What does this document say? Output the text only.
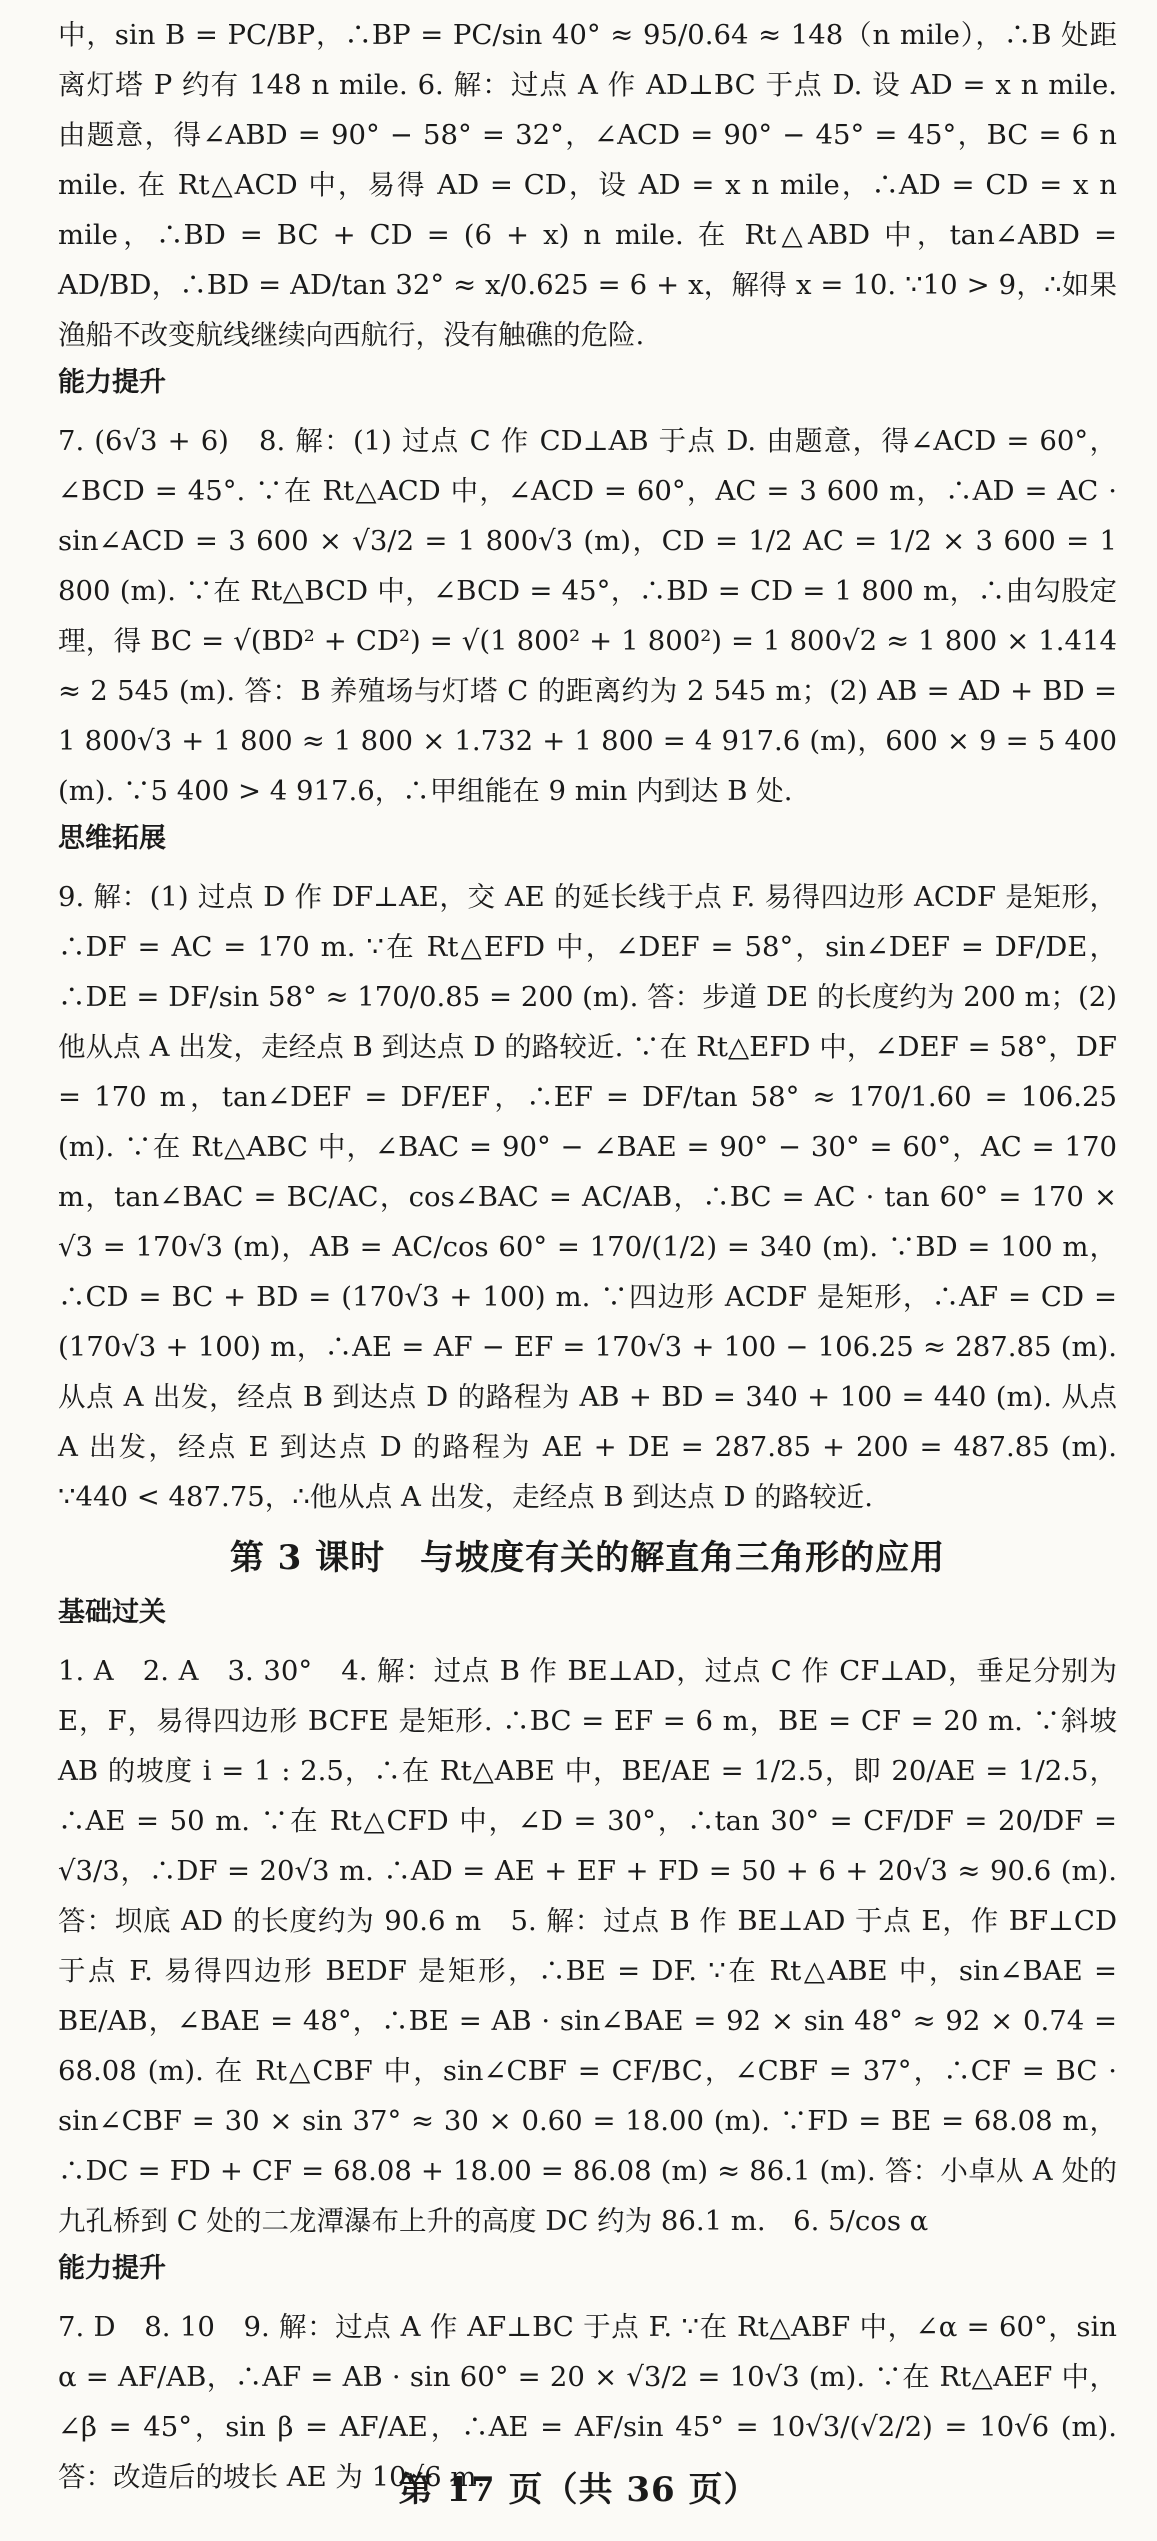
中，sin B = PC/BP，∴BP = PC/sin 40° ≈ 95/0.64 ≈ 148（n mile），∴B 处距离灯塔 P 约有 148 n mile. 6. 解：过点 A 作 AD⊥BC 于点 D. 设 AD = x n mile. 由题意，得∠ABD = 90° − 58° = 32°，∠ACD = 90° − 45° = 45°，BC = 6 n mile. 在 Rt△ACD 中，易得 AD = CD，设 AD = x n mile，∴AD = CD = x n mile，∴BD = BC + CD = (6 + x) n mile. 在 Rt△ABD 中，tan∠ABD = AD/BD，∴BD = AD/tan 32° ≈ x/0.625 = 6 + x，解得 x = 10. ∵10 > 9，∴如果渔船不改变航线继续向西航行，没有触礁的危险.

能力提升

7. (6√3 + 6)　8. 解：(1) 过点 C 作 CD⊥AB 于点 D. 由题意，得∠ACD = 60°，∠BCD = 45°. ∵在 Rt△ACD 中，∠ACD = 60°，AC = 3 600 m，∴AD = AC · sin∠ACD = 3 600 × √3/2 = 1 800√3 (m)，CD = 1/2 AC = 1/2 × 3 600 = 1 800 (m). ∵在 Rt△BCD 中，∠BCD = 45°，∴BD = CD = 1 800 m，∴由勾股定理，得 BC = √(BD² + CD²) = √(1 800² + 1 800²) = 1 800√2 ≈ 1 800 × 1.414 ≈ 2 545 (m). 答：B 养殖场与灯塔 C 的距离约为 2 545 m；(2) AB = AD + BD = 1 800√3 + 1 800 ≈ 1 800 × 1.732 + 1 800 = 4 917.6 (m)，600 × 9 = 5 400 (m). ∵5 400 > 4 917.6，∴甲组能在 9 min 内到达 B 处.

思维拓展

9. 解：(1) 过点 D 作 DF⊥AE，交 AE 的延长线于点 F. 易得四边形 ACDF 是矩形，∴DF = AC = 170 m. ∵在 Rt△EFD 中，∠DEF = 58°，sin∠DEF = DF/DE，∴DE = DF/sin 58° ≈ 170/0.85 = 200 (m). 答：步道 DE 的长度约为 200 m；(2) 他从点 A 出发，走经点 B 到达点 D 的路较近. ∵在 Rt△EFD 中，∠DEF = 58°，DF = 170 m，tan∠DEF = DF/EF，∴EF = DF/tan 58° ≈ 170/1.60 = 106.25 (m). ∵在 Rt△ABC 中，∠BAC = 90° − ∠BAE = 90° − 30° = 60°，AC = 170 m，tan∠BAC = BC/AC，cos∠BAC = AC/AB，∴BC = AC · tan 60° = 170 × √3 = 170√3 (m)，AB = AC/cos 60° = 170/(1/2) = 340 (m). ∵BD = 100 m，∴CD = BC + BD = (170√3 + 100) m. ∵四边形 ACDF 是矩形，∴AF = CD = (170√3 + 100) m，∴AE = AF − EF = 170√3 + 100 − 106.25 ≈ 287.85 (m). 从点 A 出发，经点 B 到达点 D 的路程为 AB + BD = 340 + 100 = 440 (m). 从点 A 出发，经点 E 到达点 D 的路程为 AE + DE = 287.85 + 200 = 487.85 (m). ∵440 < 487.75，∴他从点 A 出发，走经点 B 到达点 D 的路较近.

第 3 课时　与坡度有关的解直角三角形的应用
基础过关

1. A　2. A　3. 30°　4. 解：过点 B 作 BE⊥AD，过点 C 作 CF⊥AD，垂足分别为 E，F，易得四边形 BCFE 是矩形. ∴BC = EF = 6 m，BE = CF = 20 m. ∵斜坡 AB 的坡度 i = 1 : 2.5，∴在 Rt△ABE 中，BE/AE = 1/2.5，即 20/AE = 1/2.5，∴AE = 50 m. ∵在 Rt△CFD 中，∠D = 30°，∴tan 30° = CF/DF = 20/DF = √3/3，∴DF = 20√3 m. ∴AD = AE + EF + FD = 50 + 6 + 20√3 ≈ 90.6 (m). 答：坝底 AD 的长度约为 90.6 m　5. 解：过点 B 作 BE⊥AD 于点 E，作 BF⊥CD 于点 F. 易得四边形 BEDF 是矩形，∴BE = DF. ∵在 Rt△ABE 中，sin∠BAE = BE/AB，∠BAE = 48°，∴BE = AB · sin∠BAE = 92 × sin 48° ≈ 92 × 0.74 = 68.08 (m). 在 Rt△CBF 中，sin∠CBF = CF/BC，∠CBF = 37°，∴CF = BC · sin∠CBF = 30 × sin 37° ≈ 30 × 0.60 = 18.00 (m). ∵FD = BE = 68.08 m，∴DC = FD + CF = 68.08 + 18.00 = 86.08 (m) ≈ 86.1 (m). 答：小卓从 A 处的九孔桥到 C 处的二龙潭瀑布上升的高度 DC 约为 86.1 m.　6. 5/cos α

能力提升

7. D　8. 10　9. 解：过点 A 作 AF⊥BC 于点 F. ∵在 Rt△ABF 中，∠α = 60°，sin α = AF/AB，∴AF = AB · sin 60° = 20 × √3/2 = 10√3 (m). ∵在 Rt△AEF 中，∠β = 45°，sin β = AF/AE，∴AE = AF/sin 45° = 10√3/(√2/2) = 10√6 (m). 答：改造后的坡长 AE 为 10√6 m.

第 17 页（共 36 页）
